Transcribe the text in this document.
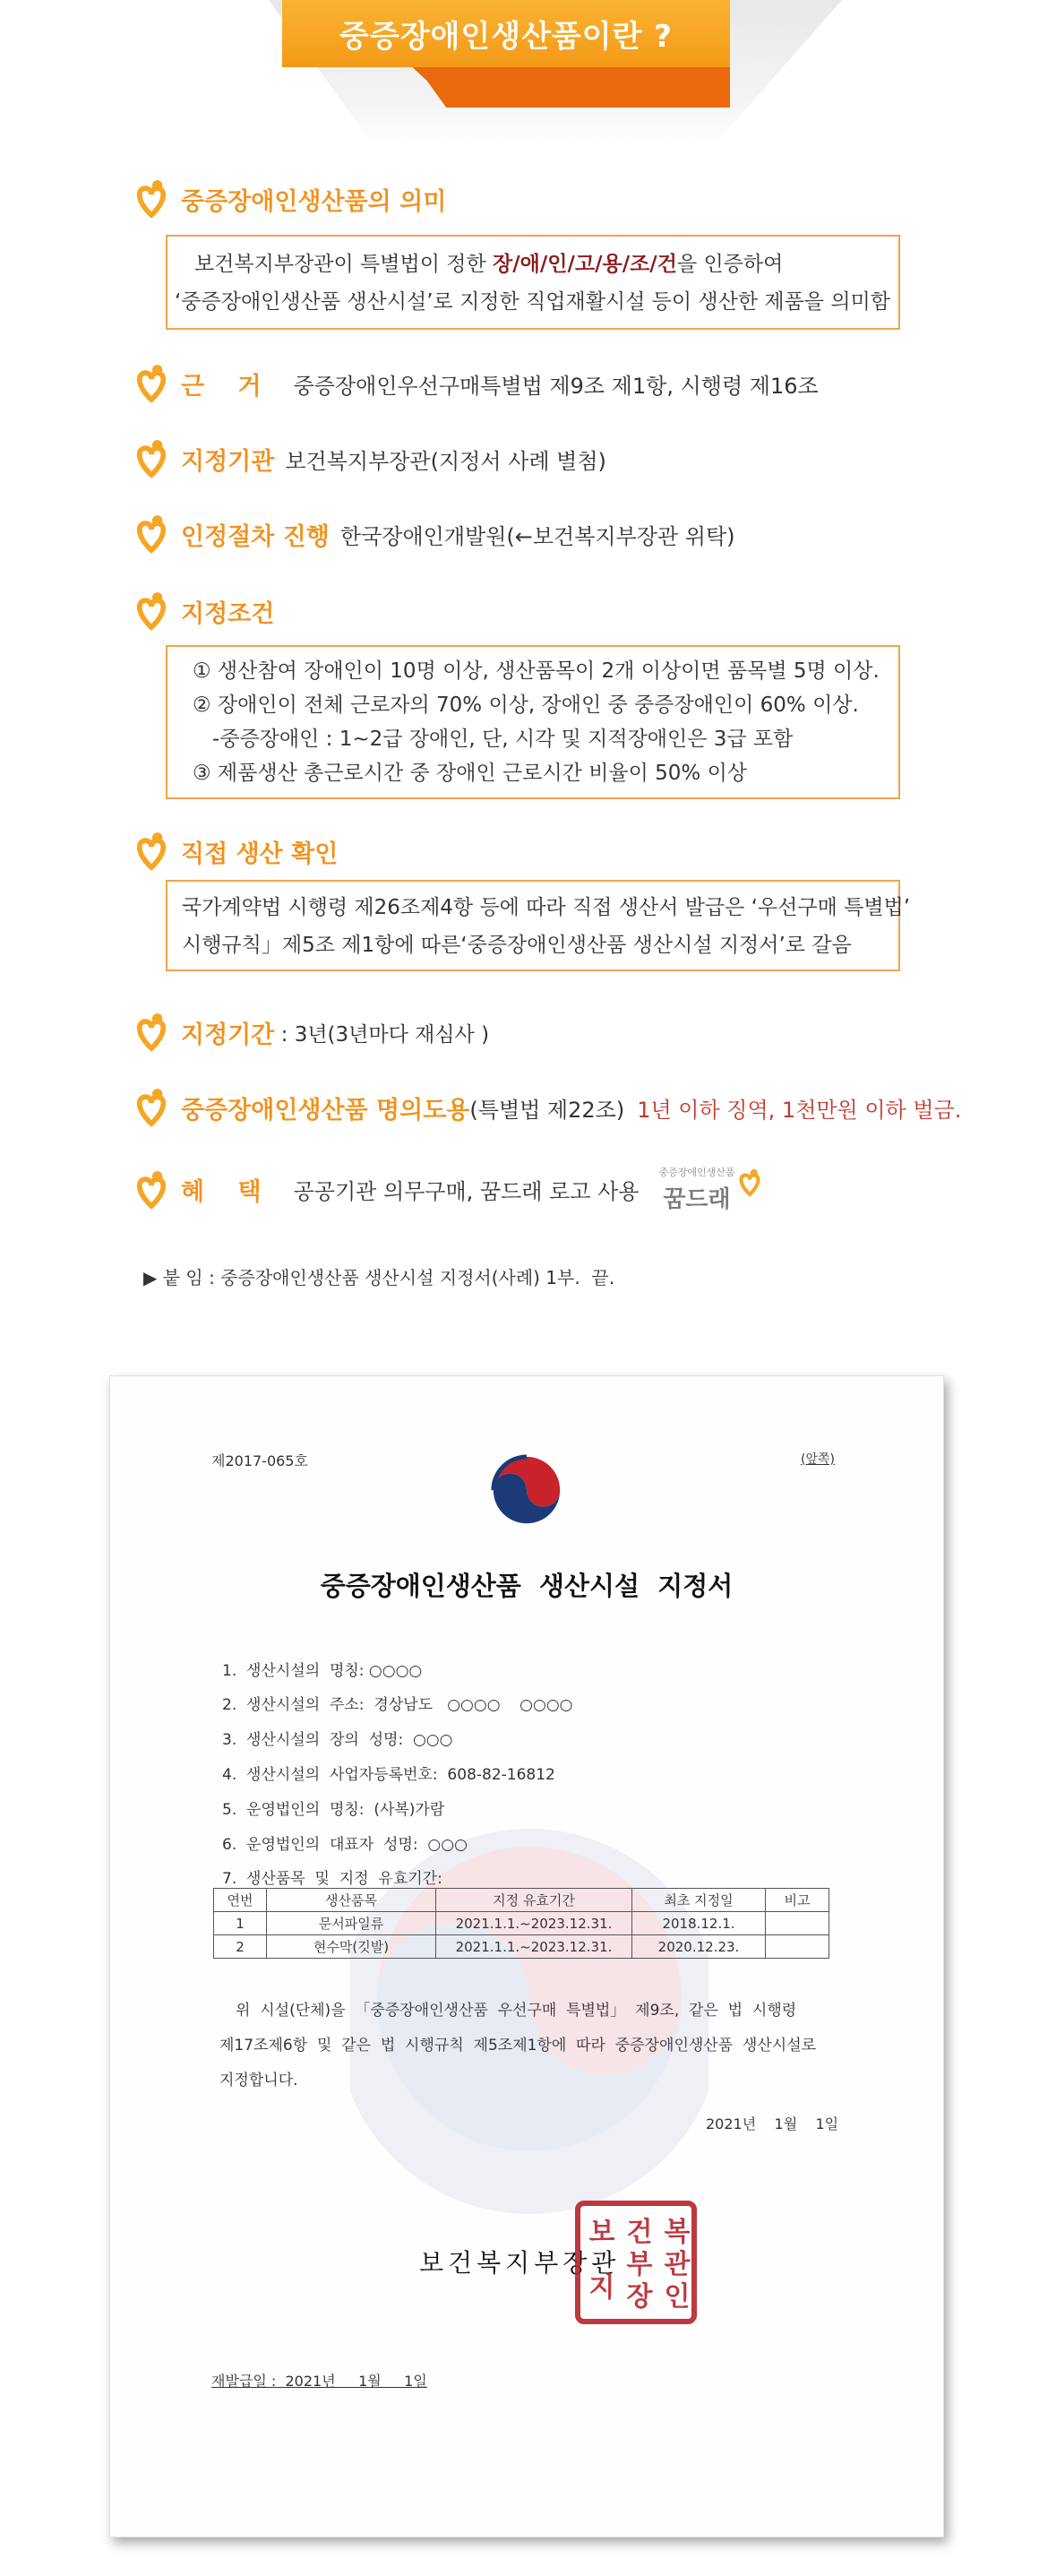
중증장애인생산품이란 ?
중증장애인생산품의 의미

보건복지부장관이 특별법이 정한 장/애/인/고/용/조/건을 인증하여

‘중증장애인생산품 생산시설’로 지정한 직업재활시설 등이 생산한 제품을 의미함

근 거 중증장애인우선구매특별법 제9조 제1항, 시행령 제16조
지정기관 보건복지부장관(지정서 사례 별첨)
인정절차 진행 한국장애인개발원(←보건복지부장관 위탁)
지정조건

① 생산참여 장애인이 10명 이상, 생산품목이 2개 이상이면 품목별 5명 이상.

② 장애인이 전체 근로자의 70% 이상, 장애인 중 중증장애인이 60% 이상.

-중증장애인 : 1~2급 장애인, 단, 시각 및 지적장애인은 3급 포함

③ 제품생산 총근로시간 중 장애인 근로시간 비율이 50% 이상

직접 생산 확인

국가계약법 시행령 제26조제4항 등에 따라 직접 생산서 발급은 ‘우선구매 특별법’

시행규칙」제5조 제1항에 따른‘중증장애인생산품 생산시설 지정서’로 갈음

지정기간 : 3년(3년마다 재심사 )
중증장애인생산품 명의도용 (특별법 제22조) 1년 이하 징역, 1천만원 이하 벌금.
혜 택 공공기관 의무구매, 꿈드래 로고 사용
중증장애인생산품
꿈드래
▶ 붙 임 : 중증장애인생산품 생산시설 지정서(사례) 1부.  끝.
제2017-065호	(앞쪽)
중증장애인생산품  생산시설  지정서
1.  생산시설의  명칭: ○○○○
2.  생산시설의  주소:  경상남도   ○○○○    ○○○○
3.  생산시설의  장의  성명:  ○○○
4.  생산시설의  사업자등록번호:  608-82-16812
5.  운영법인의  명칭:  (사복)가람
6.  운영법인의  대표자  성명:  ○○○
7.  생산품목  및  지정  유효기간:
연번	생산품목	지정 유효기간	최초 지정일	비고
1	문서파일류	2021.1.1.~2023.12.31.	2018.12.1.	
2	현수막(깃발)	2021.1.1.~2023.12.31.	2020.12.23.	
위  시설(단체)을  「중증장애인생산품  우선구매  특별법」  제9조,  같은  법  시행령
제17조제6항  및  같은  법  시행규칙  제5조제1항에  따라  중증장애인생산품  생산시설로
지정합니다.
2021년    1월    1일
보건복지부장관
보 건 복
지
부
장
관
인
재발급일 :  2021년     1월     1일
